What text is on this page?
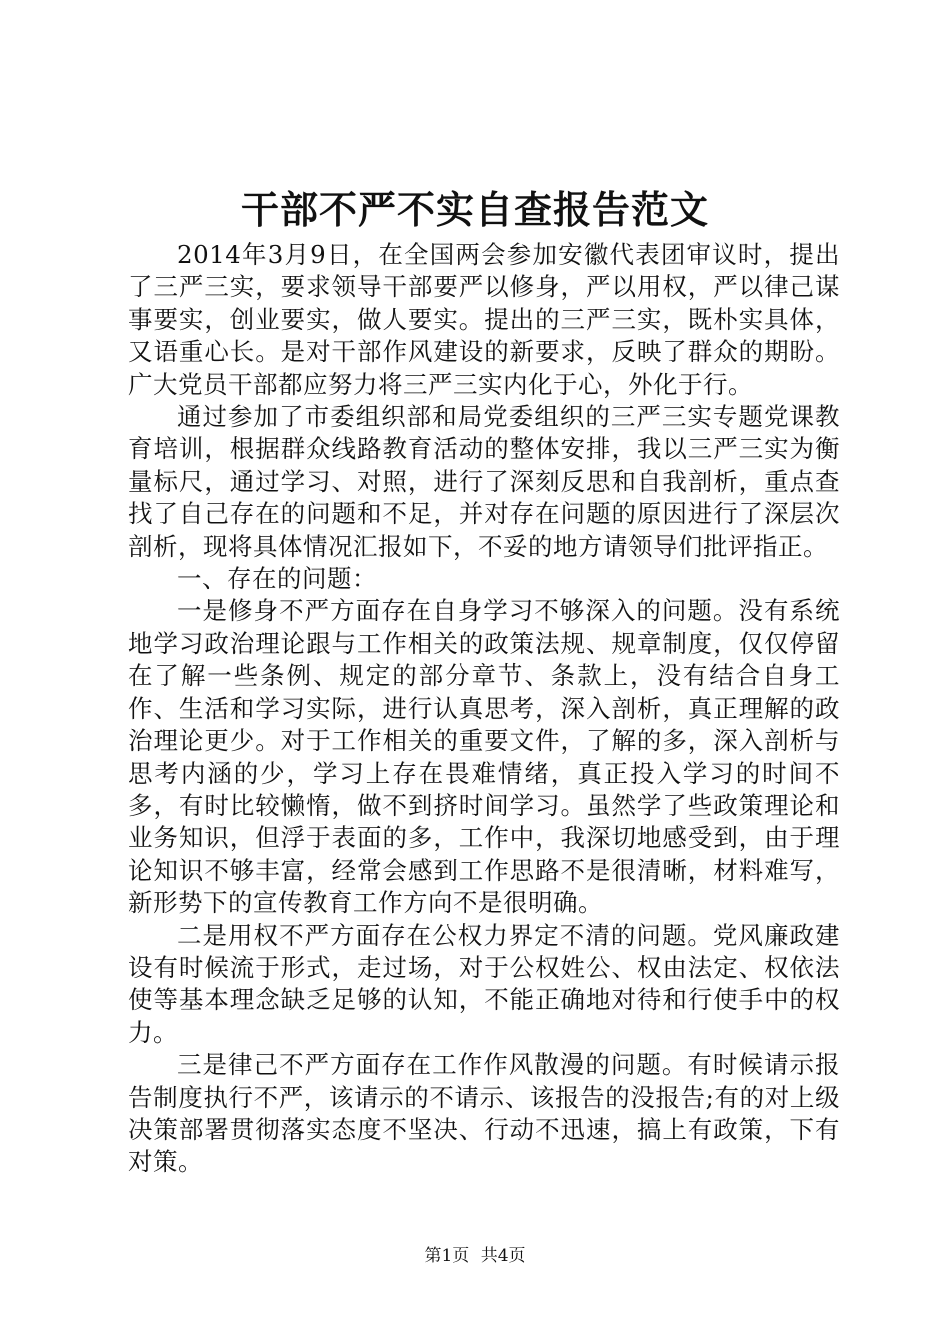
干部不严不实自查报告范文

2014年3月9日，在全国两会参加安徽代表团审议时，提出了三严三实，要求领导干部要严以修身，严以用权，严以律己谋事要实，创业要实，做人要实。提出的三严三实，既朴实具体，又语重心长。是对干部作风建设的新要求，反映了群众的期盼。广大党员干部都应努力将三严三实内化于心，外化于行。

通过参加了市委组织部和局党委组织的三严三实专题党课教育培训，根据群众线路教育活动的整体安排，我以三严三实为衡量标尺，通过学习、对照，进行了深刻反思和自我剖析，重点查找了自己存在的问题和不足，并对存在问题的原因进行了深层次剖析，现将具体情况汇报如下，不妥的地方请领导们批评指正。

一、存在的问题：

一是修身不严方面存在自身学习不够深入的问题。没有系统地学习政治理论跟与工作相关的政策法规、规章制度，仅仅停留在了解一些条例、规定的部分章节、条款上，没有结合自身工作、生活和学习实际，进行认真思考，深入剖析，真正理解的政治理论更少。对于工作相关的重要文件，了解的多，深入剖析与思考内涵的少，学习上存在畏难情绪，真正投入学习的时间不多，有时比较懒惰，做不到挤时间学习。虽然学了些政策理论和业务知识，但浮于表面的多，工作中，我深切地感受到，由于理论知识不够丰富，经常会感到工作思路不是很清晰，材料难写，新形势下的宣传教育工作方向不是很明确。

二是用权不严方面存在公权力界定不清的问题。党风廉政建设有时候流于形式，走过场，对于公权姓公、权由法定、权依法使等基本理念缺乏足够的认知，不能正确地对待和行使手中的权力。

三是律己不严方面存在工作作风散漫的问题。有时候请示报告制度执行不严，该请示的不请示、该报告的没报告;有的对上级决策部署贯彻落实态度不坚决、行动不迅速，搞上有政策，下有对策。

第1页 共4页
